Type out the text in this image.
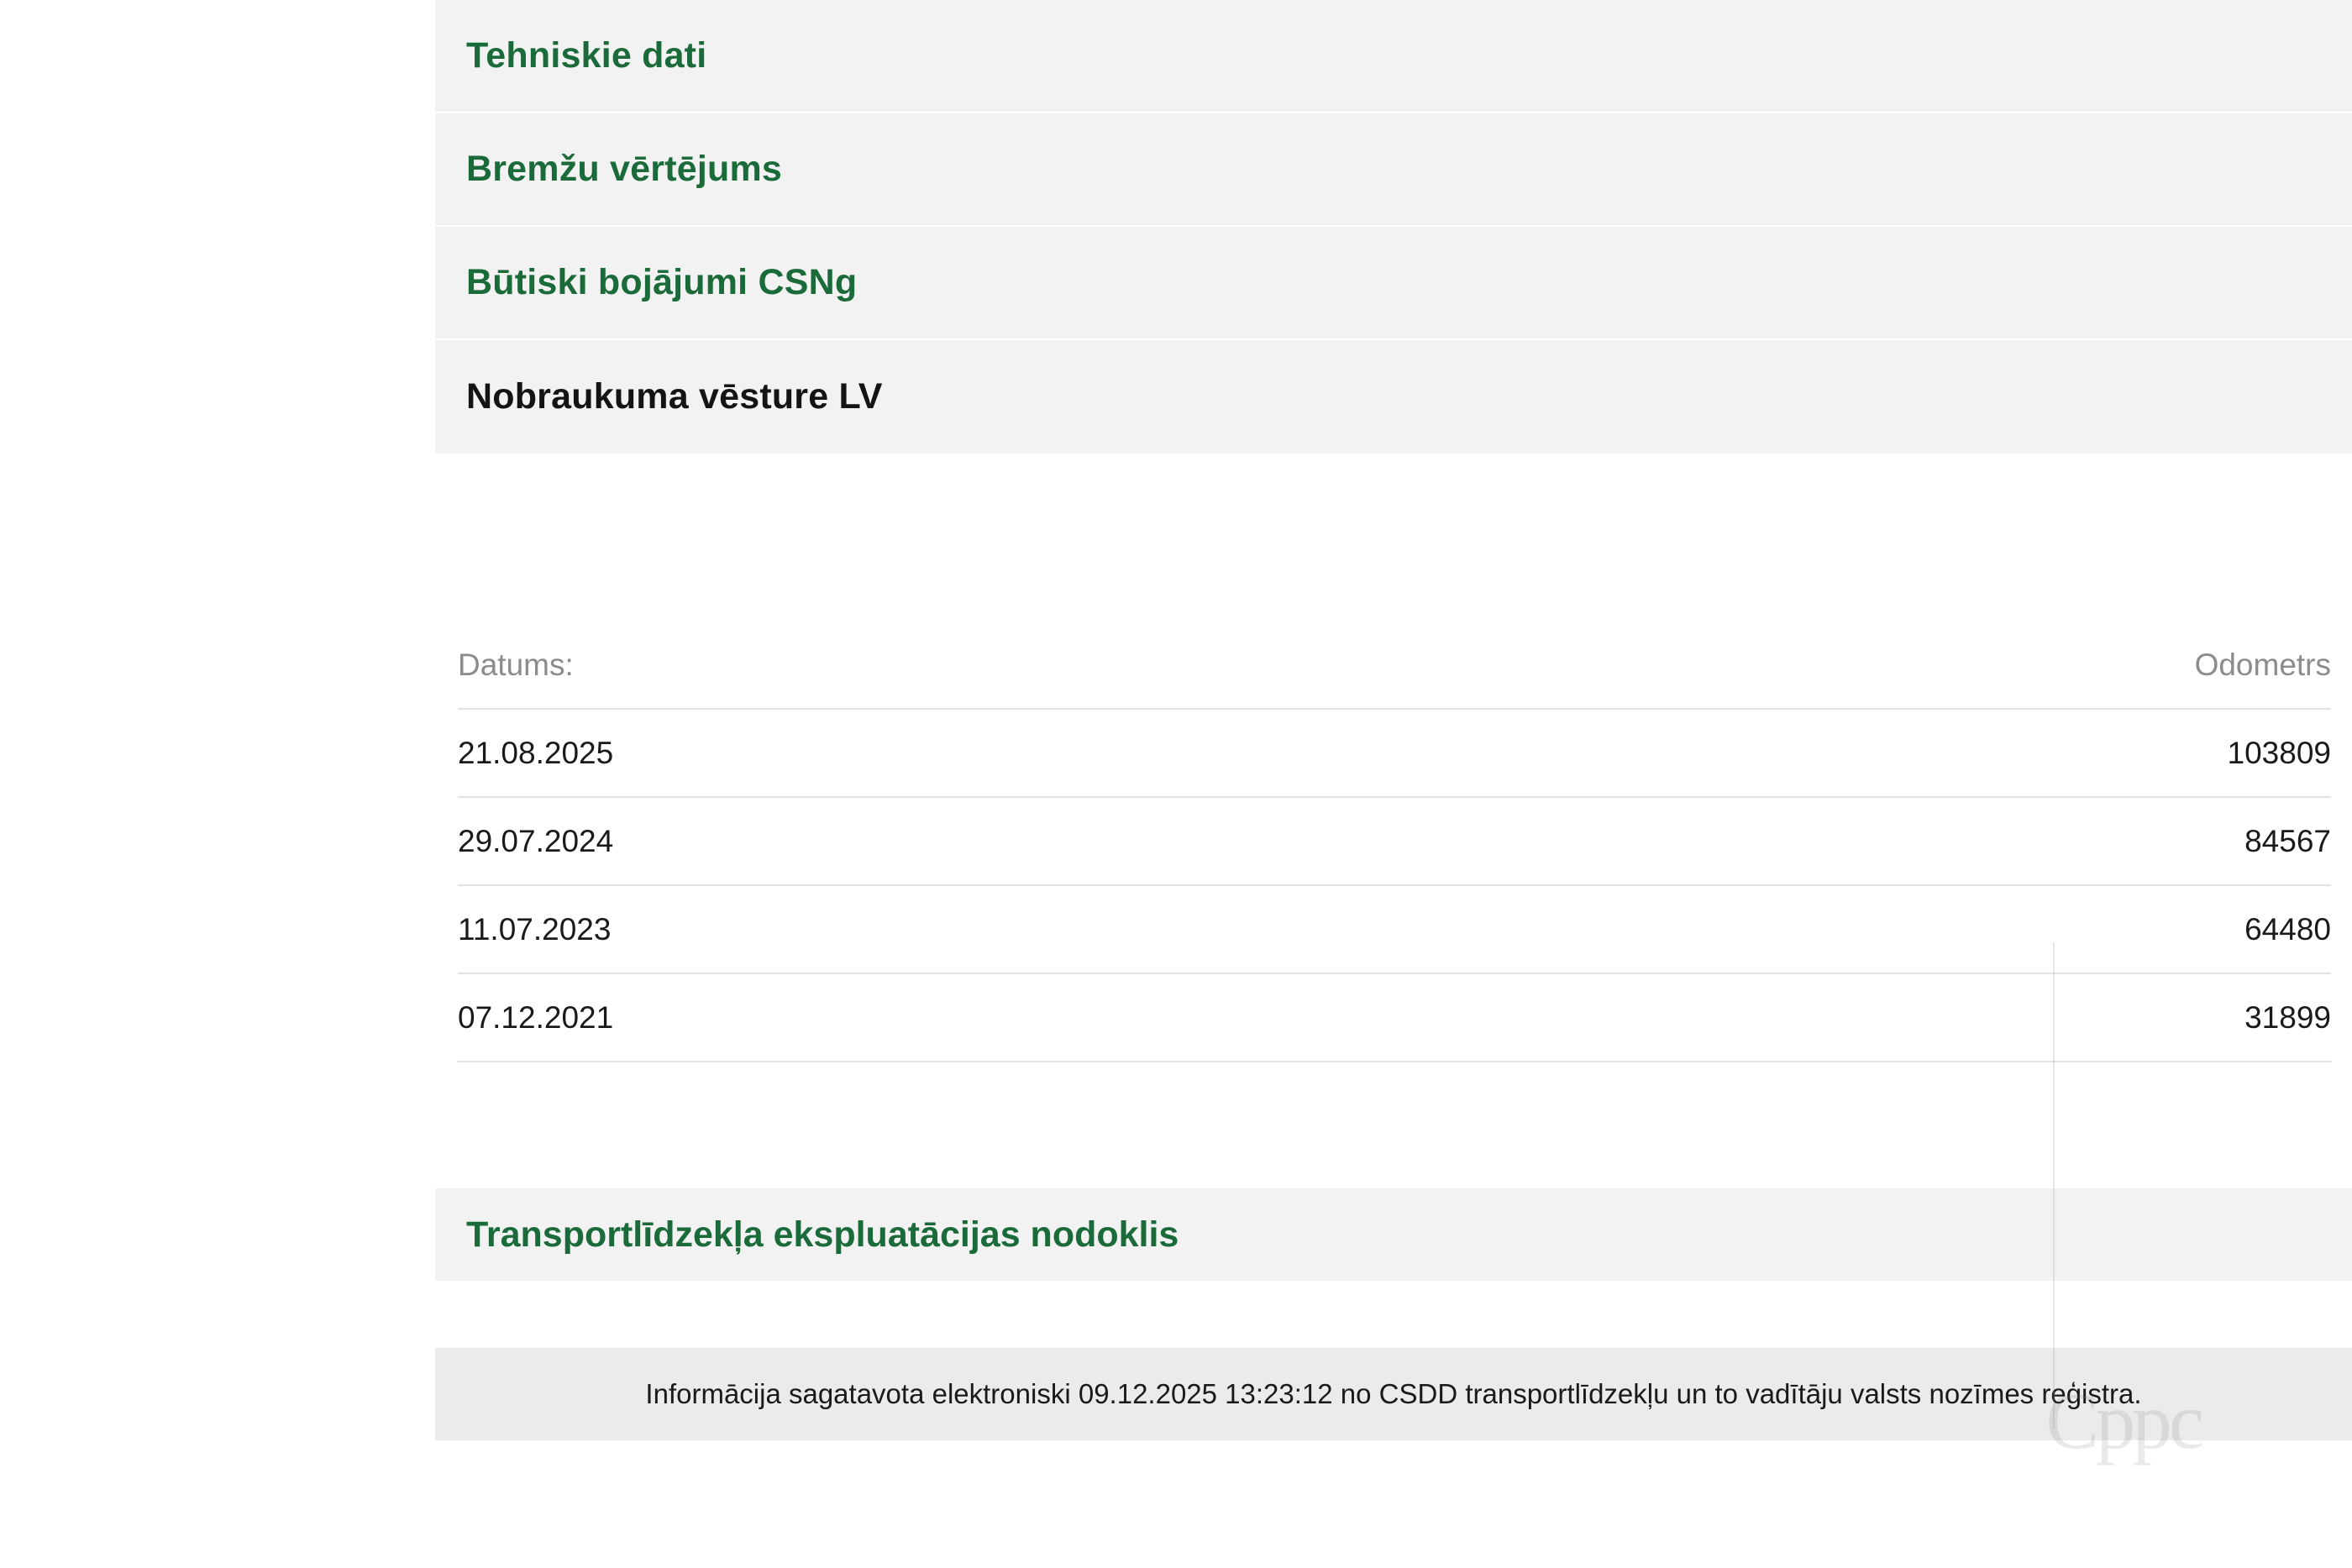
Tehniskie dati
Bremžu vērtējums
Būtiski bojājumi CSNg
Nobraukuma vēsture LV
Datums:	Odometrs
21.08.2025	103809
29.07.2024	84567
11.07.2023	64480
07.12.2021	31899
Transportlīdzekļa ekspluatācijas nodoklis
Informācija sagatavota elektroniski 09.12.2025 13:23:12 no CSDD transportlīdzekļu un to vadītāju valsts nozīmes reģistra.
